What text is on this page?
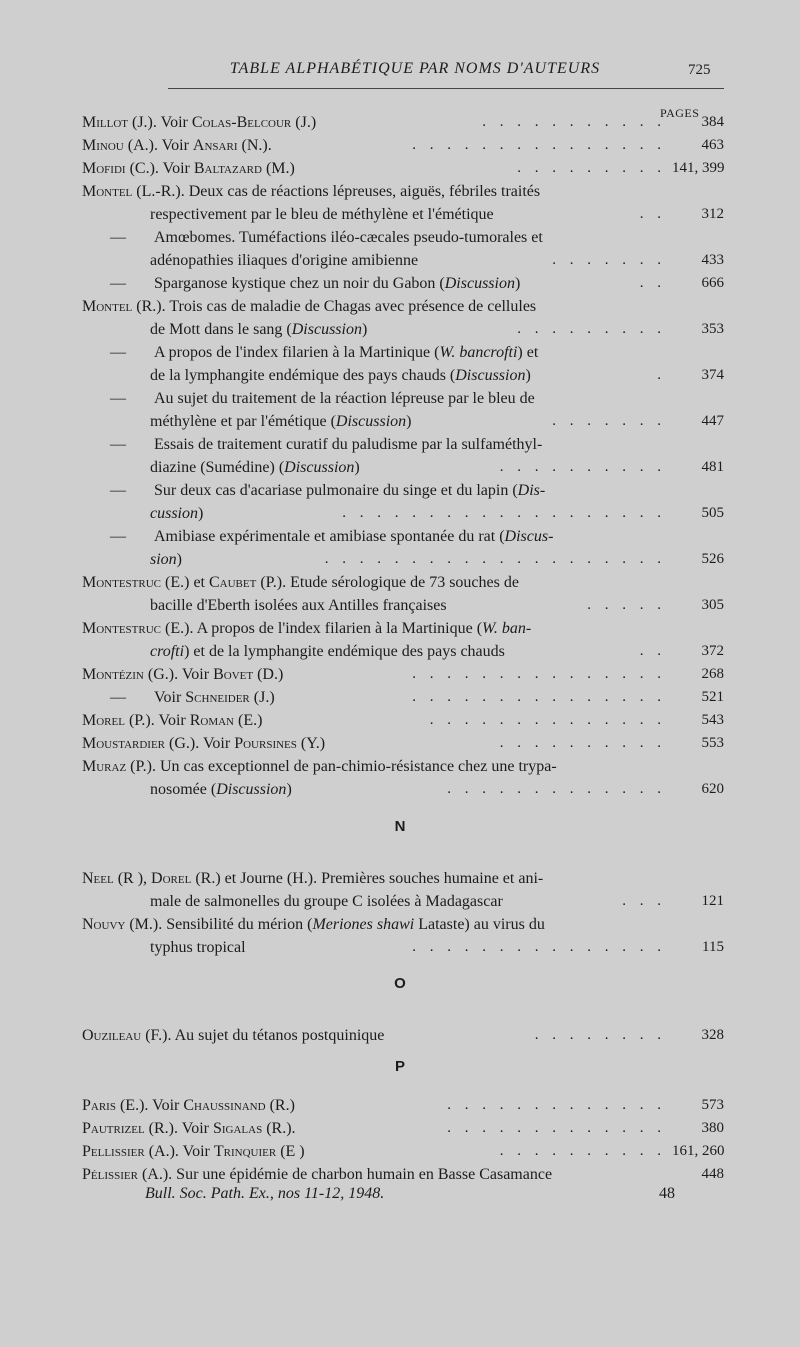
TABLE ALPHABÉTIQUE PAR NOMS D'AUTEURS	725
PAGES
Millot (J.). Voir Colas-Belcour (J.)	. . . . . . . . . . .	384
Minou (A.). Voir Ansari (N.).	. . . . . . . . . . . . . . .	463
Mofidi (C.). Voir Baltazard (M.)	. . . . . . . . . 141, 399
Montel (L.-R.). Deux cas de réactions lépreuses, aiguës, fébriles traités
respectivement par le bleu de méthylène et l'émétique	. .	312
— Amœbomes. Tuméfactions iléo-cæcales pseudo-tumorales et
adénopathies iliaques d'origine amibienne	. . . . . . .	433
— Sparganose kystique chez un noir du Gabon (Discussion)	. .	666
Montel (R.). Trois cas de maladie de Chagas avec présence de cellules
de Mott dans le sang (Discussion)	. . . . . . . . .	353
— A propos de l'index filarien à la Martinique (W. bancrofti) et
de la lymphangite endémique des pays chauds (Discussion)	.	374
— Au sujet du traitement de la réaction lépreuse par le bleu de
méthylène et par l'émétique (Discussion)	. . . . . . .	447
— Essais de traitement curatif du paludisme par la sulfaméthyl-
diazine (Sumédine) (Discussion)	. . . . . . . . . .	481
— Sur deux cas d'acariase pulmonaire du singe et du lapin (Dis-
cussion)	. . . . . . . . . . . . . . . . . . .	505
— Amibiase expérimentale et amibiase spontanée du rat (Discus-
sion)	. . . . . . . . . . . . . . . . . . . .	526
Montestruc (E.) et Caubet (P.). Etude sérologique de 73 souches de
bacille d'Eberth isolées aux Antilles françaises	. . . . .	305
Montestruc (E.). A propos de l'index filarien à la Martinique (W. ban-
crofti) et de la lymphangite endémique des pays chauds	. .	372
Montézin (G.). Voir Bovet (D.)	. . . . . . . . . . . . . . .	268
— Voir Schneider (J.)	. . . . . . . . . . . . . . .	521
Morel (P.). Voir Roman (E.)	. . . . . . . . . . . . . .	543
Moustardier (G.). Voir Poursines (Y.)	. . . . . . . . . .	553
Muraz (P.). Un cas exceptionnel de pan-chimio-résistance chez une trypa-
nosomée (Discussion)	. . . . . . . . . . . . .	620
Neel (R ), Dorel (R.) et Journe (H.). Premières souches humaine et ani-
male de salmonelles du groupe C isolées à Madagascar	. . .	121
Nouvy (M.). Sensibilité du mérion (Meriones shawi Lataste) au virus du
typhus tropical	. . . . . . . . . . . . . . .	115
Ouzileau (F.). Au sujet du tétanos postquinique	. . . . . . . .	328
Paris (E.). Voir Chaussinand (R.)	. . . . . . . . . . . . .	573
Pautrizel (R.). Voir Sigalas (R.).	. . . . . . . . . . . . .	380
Pellissier (A.). Voir Trinquier (E )	. . . . . . . . . . 161, 260
Pélissier (A.). Sur une épidémie de charbon humain en Basse Casamance	448
N
O
P
Bull. Soc. Path. Ex., nos 11-12, 1948.	48
